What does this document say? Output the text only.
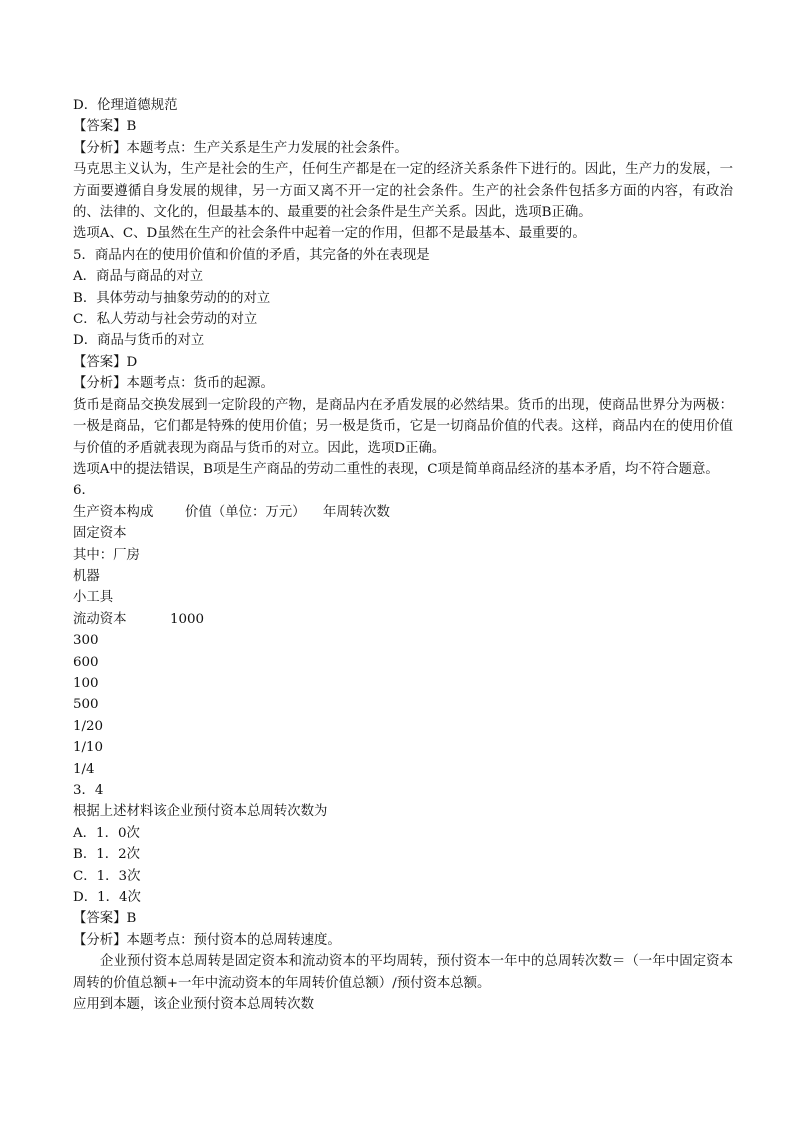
D．伦理道德规范
【答案】B
【分析】本题考点：生产关系是生产力发展的社会条件。
马克思主义认为，生产是社会的生产，任何生产都是在一定的经济关系条件下进行的。因此，生产力的发展，一方面要遵循自身发展的规律，另一方面又离不开一定的社会条件。生产的社会条件包括多方面的内容，有政治的、法律的、文化的，但最基本的、最重要的社会条件是生产关系。因此，选项B正确。
选项A、C、D虽然在生产的社会条件中起着一定的作用，但都不是最基本、最重要的。
5．商品内在的使用价值和价值的矛盾，其完备的外在表现是
A．商品与商品的对立
B．具体劳动与抽象劳动的的对立
C．私人劳动与社会劳动的对立
D．商品与货币的对立
【答案】D
【分析】本题考点：货币的起源。
货币是商品交换发展到一定阶段的产物，是商品内在矛盾发展的必然结果。货币的出现，使商品世界分为两极：一极是商品，它们都是特殊的使用价值；另一极是货币，它是一切商品价值的代表。这样，商品内在的使用价值与价值的矛盾就表现为商品与货币的对立。因此，选项D正确。
选项A中的提法错误，B项是生产商品的劳动二重性的表现，C项是简单商品经济的基本矛盾，均不符合题意。
6．
生产资本构成 价值（单位：万元） 年周转次数
固定资本
其中：厂房
机器
小工具
流动资本	1000
300
600
100
500
1/20
1/10
1/4
3．4
根据上述材料该企业预付资本总周转次数为
A．1．0次
B．1．2次
C．1．3次
D．1．4次
【答案】B
【分析】本题考点：预付资本的总周转速度。
企业预付资本总周转是固定资本和流动资本的平均周转，预付资本一年中的总周转次数＝（一年中固定资本周转的价值总额+一年中流动资本的年周转价值总额）/预付资本总额。
应用到本题，该企业预付资本总周转次数
